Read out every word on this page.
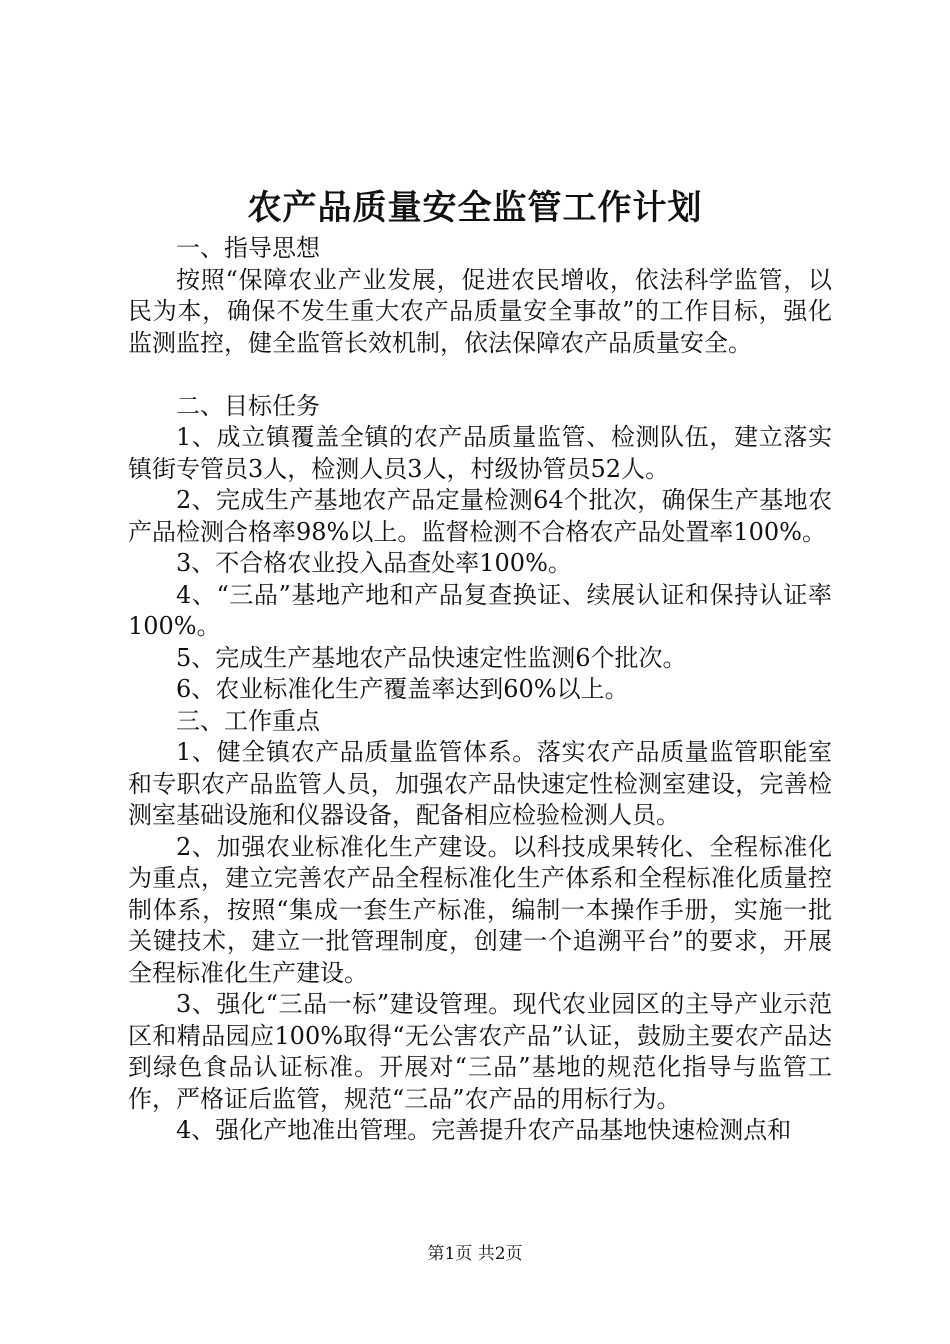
农产品质量安全监管工作计划

一、指导思想

按照“保障农业产业发展，促进农民增收，依法科学监管，以民为本，确保不发生重大农产品质量安全事故”的工作目标，强化监测监控，健全监管长效机制，依法保障农产品质量安全。

二、目标任务

1、成立镇覆盖全镇的农产品质量监管、检测队伍，建立落实镇街专管员3人，检测人员3人，村级协管员52人。

2、完成生产基地农产品定量检测64个批次，确保生产基地农产品检测合格率98%以上。监督检测不合格农产品处置率100%。

3、不合格农业投入品查处率100%。

4、“三品”基地产地和产品复查换证、续展认证和保持认证率100%。

5、完成生产基地农产品快速定性监测6个批次。

6、农业标准化生产覆盖率达到60%以上。

三、工作重点

1、健全镇农产品质量监管体系。落实农产品质量监管职能室和专职农产品监管人员，加强农产品快速定性检测室建设，完善检测室基础设施和仪器设备，配备相应检验检测人员。

2、加强农业标准化生产建设。以科技成果转化、全程标准化为重点，建立完善农产品全程标准化生产体系和全程标准化质量控制体系，按照“集成一套生产标准，编制一本操作手册，实施一批关键技术，建立一批管理制度，创建一个追溯平台”的要求，开展全程标准化生产建设。

3、强化“三品一标”建设管理。现代农业园区的主导产业示范区和精品园应100%取得“无公害农产品”认证，鼓励主要农产品达到绿色食品认证标准。开展对“三品”基地的规范化指导与监管工作，严格证后监管，规范“三品”农产品的用标行为。

4、强化产地准出管理。完善提升农产品基地快速检测点和

第1页 共2页
